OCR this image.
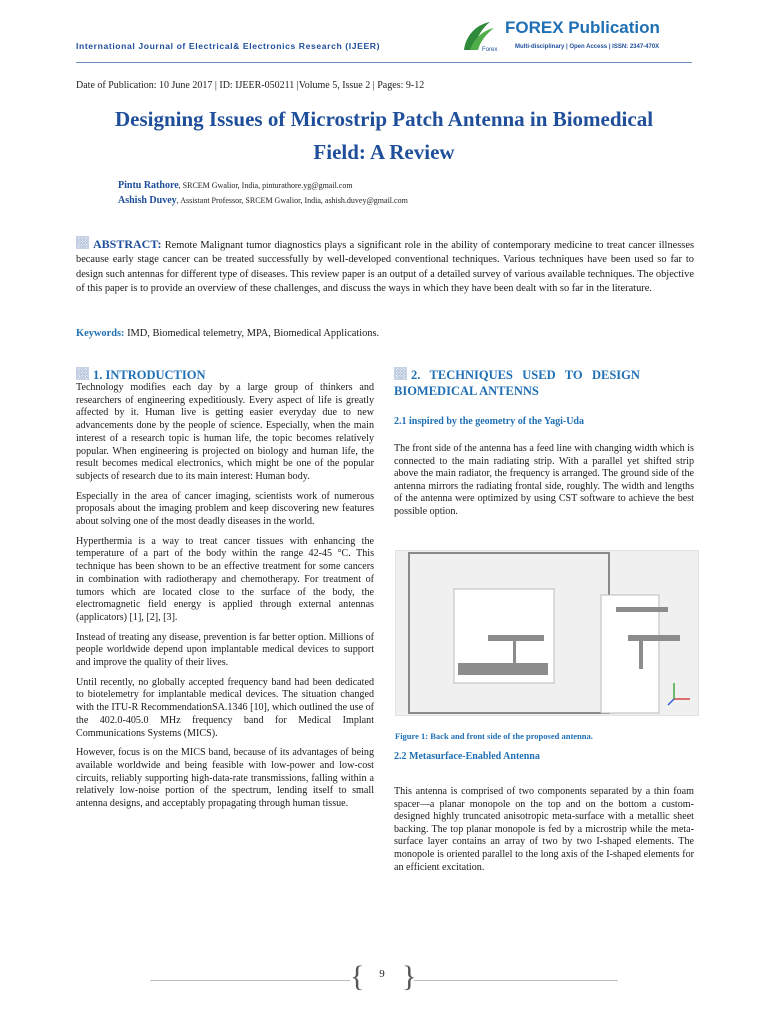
International Journal of Electrical& Electronics Research (IJEER)	Forex
FOREX Publication
Multi-disciplinary | Open Access | ISSN: 2347-470X
Date of Publication: 10 June 2017 | ID: IJEER-050211 |Volume 5, Issue 2 | Pages: 9-12
Designing Issues of Microstrip Patch Antenna in Biomedical
Field: A Review
Pintu Rathore, SRCEM Gwalior, India, pinturathore.yg@gmail.com
Ashish Duvey, Assistant Professor, SRCEM Gwalior, India, ashish.duvey@gmail.com
ABSTRACT: Remote Malignant tumor diagnostics plays a significant role in the ability of contemporary medicine to treat cancer illnesses because early stage cancer can be treated successfully by well-developed conventional techniques. Various techniques have been used so far to design such antennas for different type of diseases. This review paper is an output of a detailed survey of various available techniques. The objective of this paper is to provide an overview of these challenges, and discuss the ways in which they have been dealt with so far in the literature.
Keywords: IMD, Biomedical telemetry, MPA, Biomedical Applications.
1. INTRODUCTION

Technology modifies each day by a large group of thinkers and researchers of engineering expeditiously. Every aspect of life is greatly affected by it. Human live is getting easier everyday due to new advancements done by the people of science. Especially, when the main interest of a research topic is human life, the topic becomes relatively popular. When engineering is projected on biology and human life, the result becomes medical electronics, which might be one of the popular subjects of research due to its main interest: Human body.

Especially in the area of cancer imaging, scientists work of numerous proposals about the imaging problem and keep discovering new features about solving one of the most deadly diseases in the world.

Hyperthermia is a way to treat cancer tissues with enhancing the temperature of a part of the body within the range 42-45 °C. This technique has been shown to be an effective treatment for some cancers in combination with radiotherapy and chemotherapy. For treatment of tumors which are located close to the surface of the body, the electromagnetic field energy is applied through external antennas (applicators) [1], [2], [3].

Instead of treating any disease, prevention is far better option. Millions of people worldwide depend upon implantable medical devices to support and improve the quality of their lives.

Until recently, no globally accepted frequency band had been dedicated to biotelemetry for implantable medical devices. The situation changed with the ITU-R RecommendationSA.1346 [10], which outlined the use of the 402.0-405.0 MHz frequency band for Medical Implant Communications Systems (MICS).

However, focus is on the MICS band, because of its advantages of being available worldwide and being feasible with low-power and low-cost circuits, reliably supporting high-data-rate transmissions, falling within a relatively low-noise portion of the spectrum, lending itself to small antenna designs, and acceptably propagating through human tissue.

2.   TECHNIQUES   USED   TO   DESIGN
BIOMEDICAL ANTENNS
2.1 inspired by the geometry of the Yagi-Uda

The front side of the antenna has a feed line with changing width which is connected to the main radiating strip. With a parallel yet shifted strip above the main radiator, the frequency is arranged. The ground side of the antenna mirrors the radiating frontal side, roughly. The width and lengths of the antenna were optimized by using CST software to achieve the best possible option.

Figure 1: Back and front side of the proposed antenna.
2.2 Metasurface-Enabled Antenna

This antenna is comprised of two components separated by a thin foam spacer—a planar monopole on the top and on the bottom a custom-designed highly truncated anisotropic meta-surface with a metallic sheet backing. The top planar monopole is fed by a microstrip while the meta-surface layer contains an array of two by two I-shaped elements. The monopole is oriented parallel to the long axis of the I-shaped elements for an efficient excitation.

{ }
9
